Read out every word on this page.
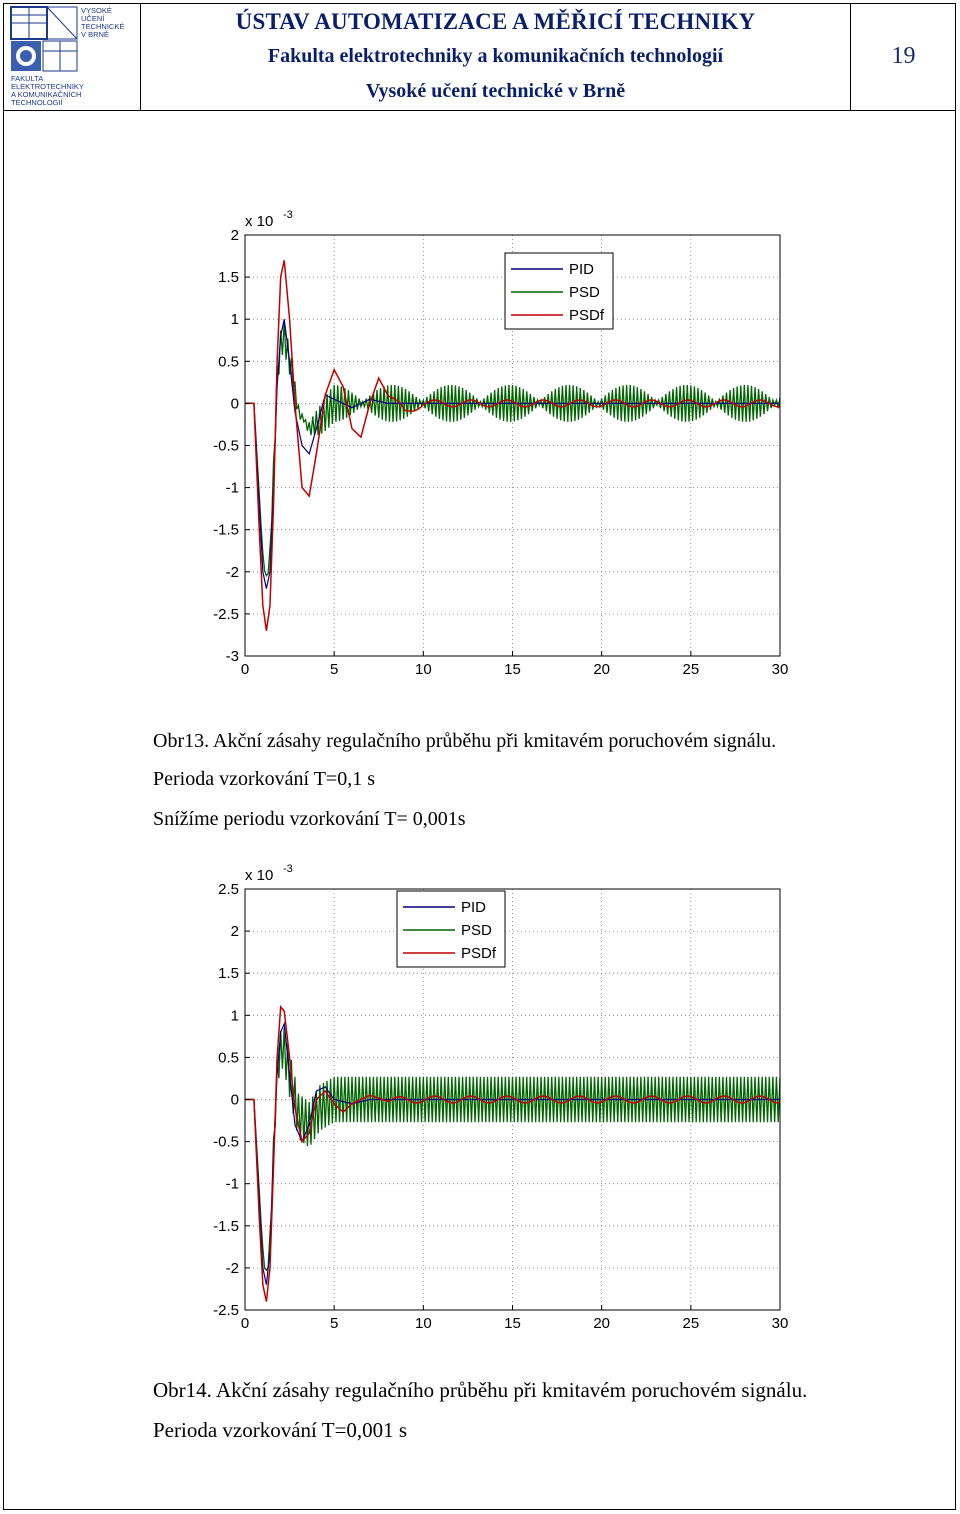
VYSOKÉ
UČENÍ
TECHNICKÉ
V BRNĚ
FAKULTA
ELEKTROTECHNIKY
A KOMUNIKAČNÍCH
TECHNOLOGIÍ
ÚSTAV AUTOMATIZACE A MĚŘICÍ TECHNIKY
Fakulta elektrotechniky a komunikačních technologií
Vysoké učení technické v Brně
19
0	5	10	15	20	25	30
-3
-2.5
-2
-1.5
-1
-0.5
0
0.5
1
1.5
2
x 10 -3
PID
PSD
PSDf
Obr13. Akční zásahy regulačního průběhu při kmitavém poruchovém signálu.
Perioda vzorkování T=0,1 s
Snížíme periodu vzorkování T= 0,001s
0	5	10	15	20	25	30
-2.5
-2
-1.5
-1
-0.5
0
0.5
1
1.5
2
2.5
x 10 -3
PID
PSD
PSDf
Obr14. Akční zásahy regulačního průběhu při kmitavém poruchovém signálu.
Perioda vzorkování T=0,001 s
